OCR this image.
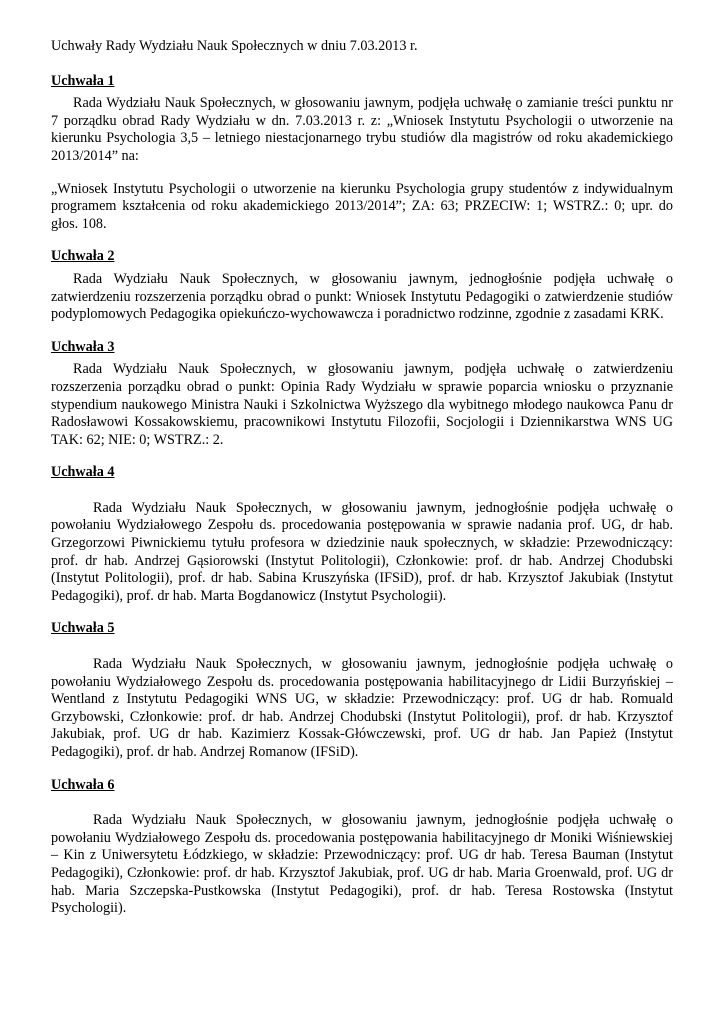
Uchwały Rady Wydziału Nauk Społecznych w dniu 7.03.2013 r.

Uchwała 1

Rada Wydziału Nauk Społecznych, w głosowaniu jawnym, podjęła uchwałę o zamianie treści punktu nr 7 porządku obrad Rady Wydziału w dn. 7.03.2013 r. z: „Wniosek Instytutu Psychologii o utworzenie na kierunku Psychologia 3,5 – letniego niestacjonarnego trybu studiów dla magistrów od roku akademickiego 2013/2014” na:

„Wniosek Instytutu Psychologii o utworzenie na kierunku Psychologia grupy studentów z indywidualnym programem kształcenia od roku akademickiego 2013/2014”; ZA: 63; PRZECIW: 1; WSTRZ.: 0; upr. do głos. 108.

Uchwała 2

Rada Wydziału Nauk Społecznych, w głosowaniu jawnym, jednogłośnie podjęła uchwałę o zatwierdzeniu rozszerzenia porządku obrad o punkt: Wniosek Instytutu Pedagogiki o zatwierdzenie studiów podyplomowych Pedagogika opiekuńczo-wychowawcza i poradnictwo rodzinne, zgodnie z zasadami KRK.

Uchwała 3

Rada Wydziału Nauk Społecznych, w głosowaniu jawnym, podjęła uchwałę o zatwierdzeniu rozszerzenia porządku obrad o punkt: Opinia Rady Wydziału w sprawie poparcia wniosku o przyznanie stypendium naukowego Ministra Nauki i Szkolnictwa Wyższego dla wybitnego młodego naukowca Panu dr Radosławowi Kossakowskiemu, pracownikowi Instytutu Filozofii, Socjologii i Dziennikarstwa WNS UG TAK: 62; NIE: 0; WSTRZ.: 2.

Uchwała 4

Rada Wydziału Nauk Społecznych, w głosowaniu jawnym, jednogłośnie podjęła uchwałę o powołaniu Wydziałowego Zespołu ds. procedowania postępowania w sprawie nadania prof. UG, dr hab. Grzegorzowi Piwnickiemu tytułu profesora w dziedzinie nauk społecznych, w składzie: Przewodniczący: prof. dr hab. Andrzej Gąsiorowski (Instytut Politologii), Członkowie: prof. dr hab. Andrzej Chodubski (Instytut Politologii), prof. dr hab. Sabina Kruszyńska (IFSiD), prof. dr hab. Krzysztof Jakubiak (Instytut Pedagogiki), prof. dr hab. Marta Bogdanowicz (Instytut Psychologii).

Uchwała 5

Rada Wydziału Nauk Społecznych, w głosowaniu jawnym, jednogłośnie podjęła uchwałę o powołaniu Wydziałowego Zespołu ds. procedowania postępowania habilitacyjnego dr Lidii Burzyńskiej – Wentland z Instytutu Pedagogiki WNS UG, w składzie: Przewodniczący: prof. UG dr hab. Romuald Grzybowski, Członkowie: prof. dr hab. Andrzej Chodubski (Instytut Politologii), prof. dr hab. Krzysztof Jakubiak, prof. UG dr hab. Kazimierz Kossak-Główczewski, prof. UG dr hab. Jan Papież (Instytut Pedagogiki), prof. dr hab. Andrzej Romanow (IFSiD).

Uchwała 6

Rada Wydziału Nauk Społecznych, w głosowaniu jawnym, jednogłośnie podjęła uchwałę o powołaniu Wydziałowego Zespołu ds. procedowania postępowania habilitacyjnego dr Moniki Wiśniewskiej – Kin z Uniwersytetu Łódzkiego, w składzie: Przewodniczący: prof. UG dr hab. Teresa Bauman (Instytut Pedagogiki), Członkowie: prof. dr hab. Krzysztof Jakubiak, prof. UG dr hab. Maria Groenwald, prof. UG dr hab. Maria Szczepska-Pustkowska (Instytut Pedagogiki), prof. dr hab. Teresa Rostowska (Instytut Psychologii).
